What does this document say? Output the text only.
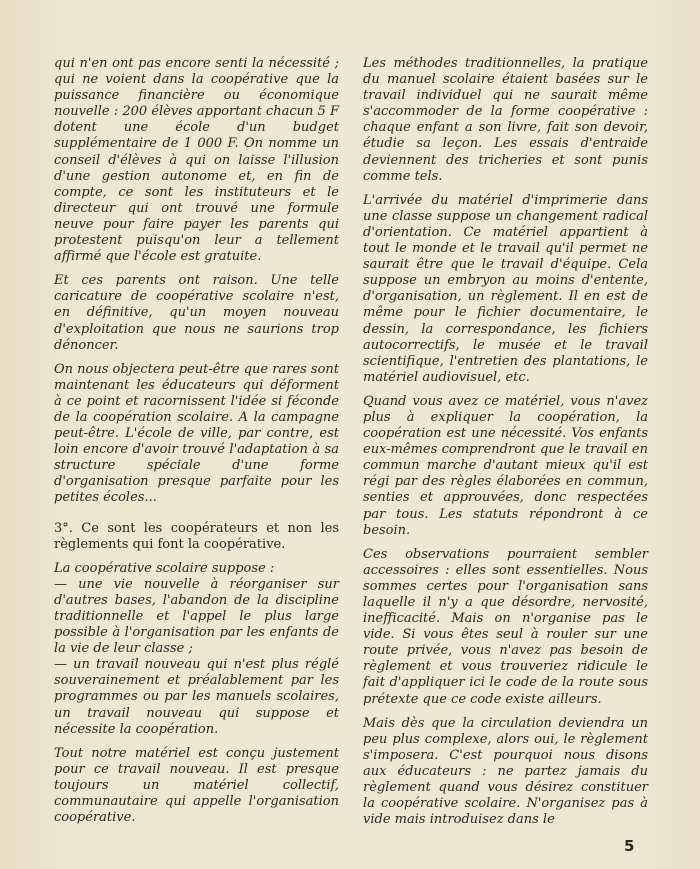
qui n'en ont pas encore senti la nécessité ; qui ne voient dans la coopérative que la puissance financière ou économique nouvelle : 200 élèves apportant chacun 5 F dotent une école d'un budget supplémentaire de 1 000 F. On nomme un conseil d'élèves à qui on laisse l'illusion d'une gestion autonome et, en fin de compte, ce sont les instituteurs et le directeur qui ont trouvé une formule neuve pour faire payer les parents qui protestent puisqu'on leur a tellement affirmé que l'école est gratuite.

Et ces parents ont raison. Une telle caricature de coopérative scolaire n'est, en définitive, qu'un moyen nouveau d'exploitation que nous ne saurions trop dénoncer.

On nous objectera peut-être que rares sont maintenant les éducateurs qui déforment à ce point et racornissent l'idée si féconde de la coopération scolaire. A la campagne peut-être. L'école de ville, par contre, est loin encore d'avoir trouvé l'adaptation à sa structure spéciale d'une forme d'organisation presque parfaite pour les petites écoles...

3°. Ce sont les coopérateurs et non les règlements qui font la coopérative.

La coopérative scolaire suppose :
— une vie nouvelle à réorganiser sur d'autres bases, l'abandon de la discipline traditionnelle et l'appel le plus large possible à l'organisation par les enfants de la vie de leur classe ;
— un travail nouveau qui n'est plus réglé souverainement et préalablement par les programmes ou par les manuels scolaires, un travail nouveau qui suppose et nécessite la coopération.

Tout notre matériel est conçu justement pour ce travail nouveau. Il est presque toujours un matériel collectif, communautaire qui appelle l'organisation coopérative.

Les méthodes traditionnelles, la pratique du manuel scolaire étaient basées sur le travail individuel qui ne saurait même s'accommoder de la forme coopérative : chaque enfant a son livre, fait son devoir, étudie sa leçon. Les essais d'entraide deviennent des tricheries et sont punis comme tels.

L'arrivée du matériel d'imprimerie dans une classe suppose un changement radical d'orientation. Ce matériel appartient à tout le monde et le travail qu'il permet ne saurait être que le travail d'équipe. Cela suppose un embryon au moins d'entente, d'organisation, un règlement. Il en est de même pour le fichier documentaire, le dessin, la correspondance, les fichiers autocorrectifs, le musée et le travail scientifique, l'entretien des plantations, le matériel audiovisuel, etc.

Quand vous avez ce matériel, vous n'avez plus à expliquer la coopération, la coopération est une nécessité. Vos enfants eux-mêmes comprendront que le travail en commun marche d'autant mieux qu'il est régi par des règles élaborées en commun, senties et approuvées, donc respectées par tous. Les statuts répondront à ce besoin.

Ces observations pourraient sembler accessoires : elles sont essentielles. Nous sommes certes pour l'organisation sans laquelle il n'y a que désordre, nervosité, inefficacité. Mais on n'organise pas le vide. Si vous êtes seul à rouler sur une route privée, vous n'avez pas besoin de règlement et vous trouveriez ridicule le fait d'appliquer ici le code de la route sous prétexte que ce code existe ailleurs.

Mais dès que la circulation deviendra un peu plus complexe, alors oui, le règlement s'imposera. C'est pourquoi nous disons aux éducateurs : ne partez jamais du règlement quand vous désirez constituer la coopérative scolaire. N'organisez pas à vide mais introduisez dans le

5
